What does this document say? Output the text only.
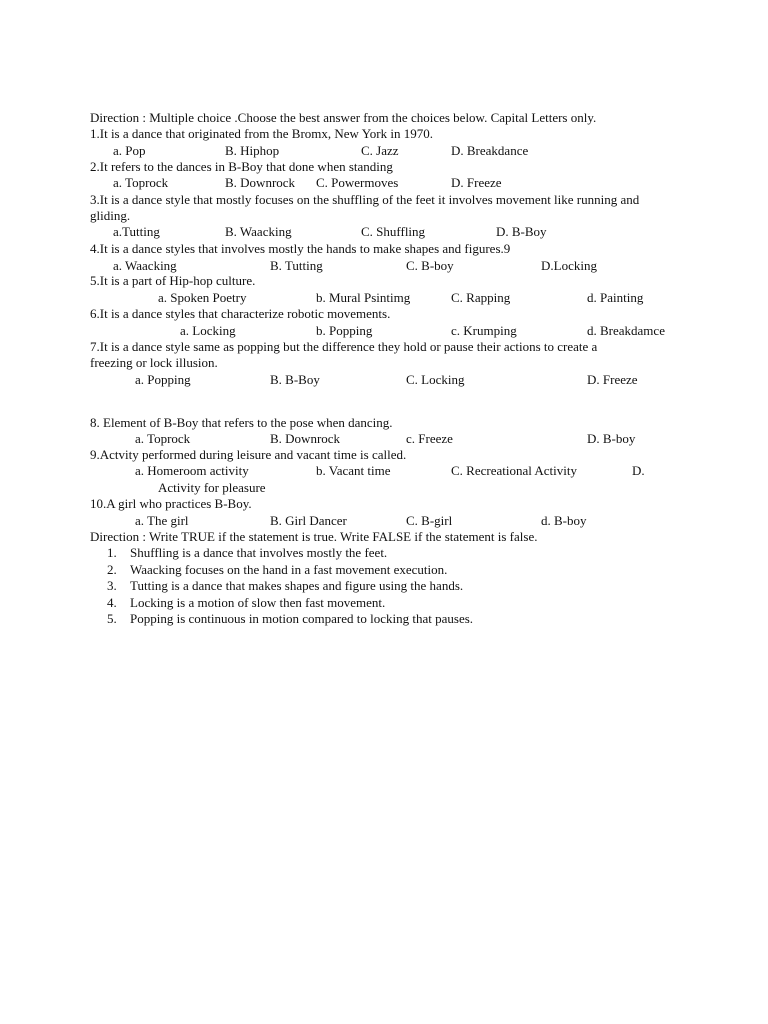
Direction : Multiple choice .Choose the best answer from the choices below. Capital Letters only.
1.It is a dance that originated from the Bromx, New York in 1970.
a. Pop	B. Hiphop	C. Jazz	D. Breakdance
2.It refers to the dances in B-Boy that done when standing
a. Toprock	B. Downrock C. Powermoves	D. Freeze
3.It is a dance style that mostly focuses on the shuffling of the feet it involves movement like running and
gliding.
a.Tutting	B. Waacking	C. Shuffling	D. B-Boy
4.It is a dance styles that involves mostly the hands to make shapes and figures.9
a. Waacking	B. Tutting	C. B-boy	D.Locking
5.It is a part of Hip-hop culture.
a. Spoken Poetry	b. Mural Psintimg	C. Rapping	d. Painting
6.It is a dance styles that characterize robotic movements.
a. Locking	b. Popping	c. Krumping	d. Breakdamce
7.It is a dance style same as popping but the difference they hold or pause their actions to create a
freezing or lock illusion.
a. Popping	B. B-Boy	C. Locking	D. Freeze
8. Element of B-Boy that refers to the pose when dancing.
a. Toprock	B. Downrock	c. Freeze	D. B-boy
9.Actvity performed during leisure and vacant time is called.
a. Homeroom activity	b. Vacant time	C. Recreational Activity	D.
Activity for pleasure
10.A girl who practices B-Boy.
a. The girl	B. Girl Dancer	C. B-girl	d. B-boy
Direction : Write TRUE if the statement is true. Write FALSE if the statement is false.
1. Shuffling is a dance that involves mostly the feet.
2. Waacking focuses on the hand in a fast movement execution.
3. Tutting is a dance that makes shapes and figure using the hands.
4. Locking is a motion of slow then fast movement.
5. Popping is continuous in motion compared to locking that pauses.
